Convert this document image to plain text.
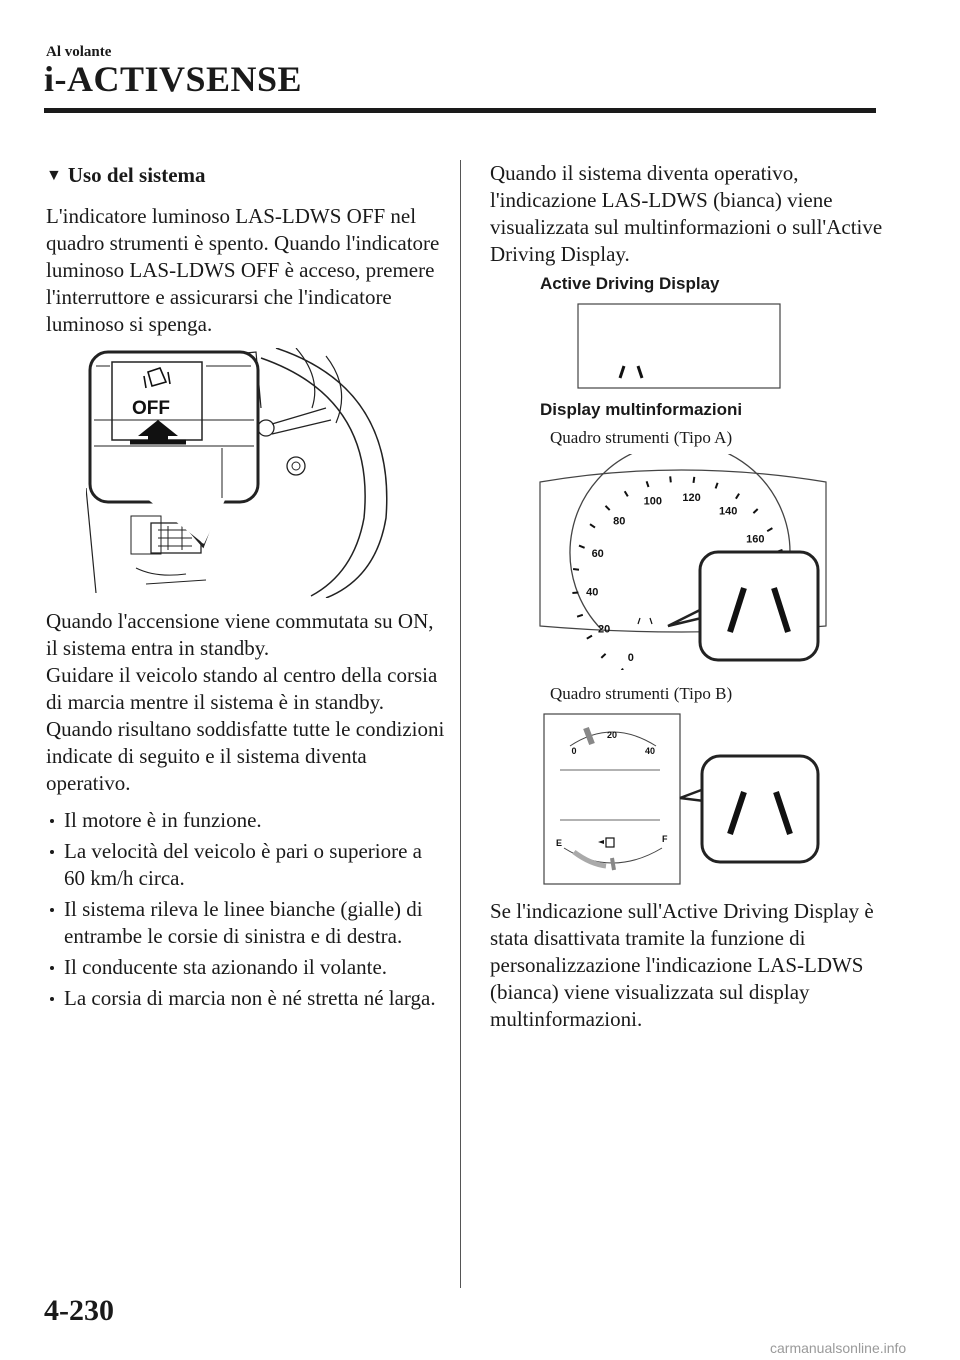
Al volante
i-ACTIVSENSE
▼ Uso del sistema

L'indicatore luminoso LAS-LDWS OFF nel quadro strumenti è spento. Quando l'indicatore luminoso LAS-LDWS OFF è acceso, premere l'interruttore e assicurarsi che l'indicatore luminoso si spenga.

OFF

Quando l'accensione viene commutata su ON, il sistema entra in standby.

Guidare il veicolo stando al centro della corsia di marcia mentre il sistema è in standby. Quando risultano soddisfatte tutte le condizioni indicate di seguito e il sistema diventa operativo.

Il motore è in funzione.
La velocità del veicolo è pari o superiore a 60 km/h circa.
Il sistema rileva le linee bianche (gialle) di entrambe le corsie di sinistra e di destra.
Il conducente sta azionando il volante.
La corsia di marcia non è né stretta né larga.

Quando il sistema diventa operativo, l'indicazione LAS-LDWS (bianca) viene visualizzata sul multinformazioni o sull'Active Driving Display.

Active Driving Display
Display multinformazioni
Quadro strumenti (Tipo A)
0
20
40
60
80
100 120
140
160
Quadro strumenti (Tipo B)
0
20
40
E	F

Se l'indicazione sull'Active Driving Display è stata disattivata tramite la funzione di personalizzazione l'indicazione LAS-LDWS (bianca) viene visualizzata sul display multinformazioni.

4-230
carmanualsonline.info
